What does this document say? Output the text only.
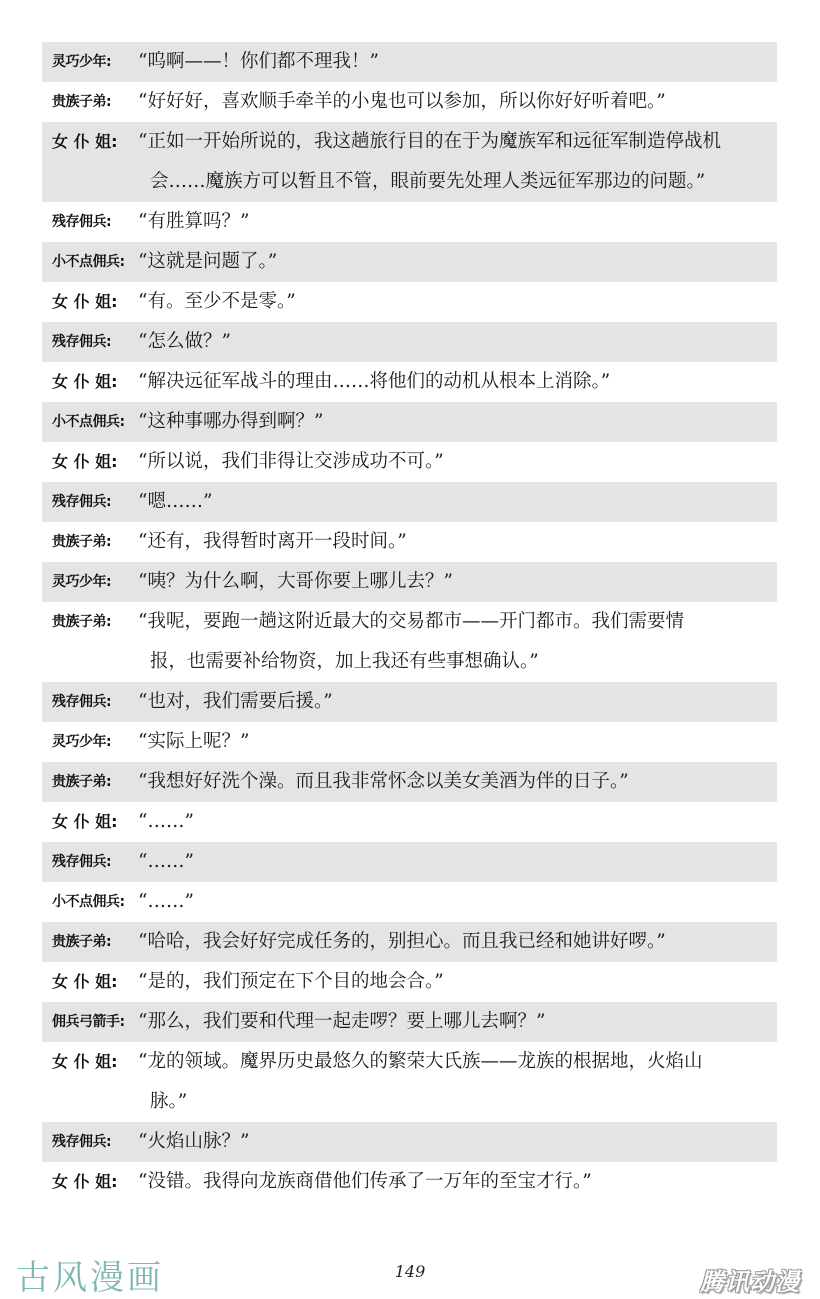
灵巧少年:	“呜啊——！你们都不理我！”
贵族子弟:	“好好好，喜欢顺手牵羊的小鬼也可以参加，所以你好好听着吧。”
女 仆 姐:	“正如一开始所说的，我这趟旅行目的在于为魔族军和远征军制造停战机
会……魔族方可以暂且不管，眼前要先处理人类远征军那边的问题。”
残存佣兵:	“有胜算吗？”
小不点佣兵: “这就是问题了。”
女 仆 姐:	“有。至少不是零。”
残存佣兵:	“怎么做？”
女 仆 姐:	“解决远征军战斗的理由……将他们的动机从根本上消除。”
小不点佣兵: “这种事哪办得到啊？”
女 仆 姐:	“所以说，我们非得让交涉成功不可。”
残存佣兵:	“嗯……”
贵族子弟:	“还有，我得暂时离开一段时间。”
灵巧少年:	“咦？为什么啊，大哥你要上哪儿去？”
贵族子弟:	“我呢，要跑一趟这附近最大的交易都市——开门都市。我们需要情
报，也需要补给物资，加上我还有些事想确认。”
残存佣兵:	“也对，我们需要后援。”
灵巧少年:	“实际上呢？”
贵族子弟:	“我想好好洗个澡。而且我非常怀念以美女美酒为伴的日子。”
女 仆 姐:	“……”
残存佣兵:	“……”
小不点佣兵: “……”
贵族子弟:	“哈哈，我会好好完成任务的，别担心。而且我已经和她讲好啰。”
女 仆 姐:	“是的，我们预定在下个目的地会合。”
佣兵弓箭手: “那么，我们要和代理一起走啰？要上哪儿去啊？”
女 仆 姐:	“龙的领域。魔界历史最悠久的繁荣大氏族——龙族的根据地，火焰山
脉。”
残存佣兵:	“火焰山脉？”
女 仆 姐:	“没错。我得向龙族商借他们传承了一万年的至宝才行。”
古风漫画	149	腾讯动漫
